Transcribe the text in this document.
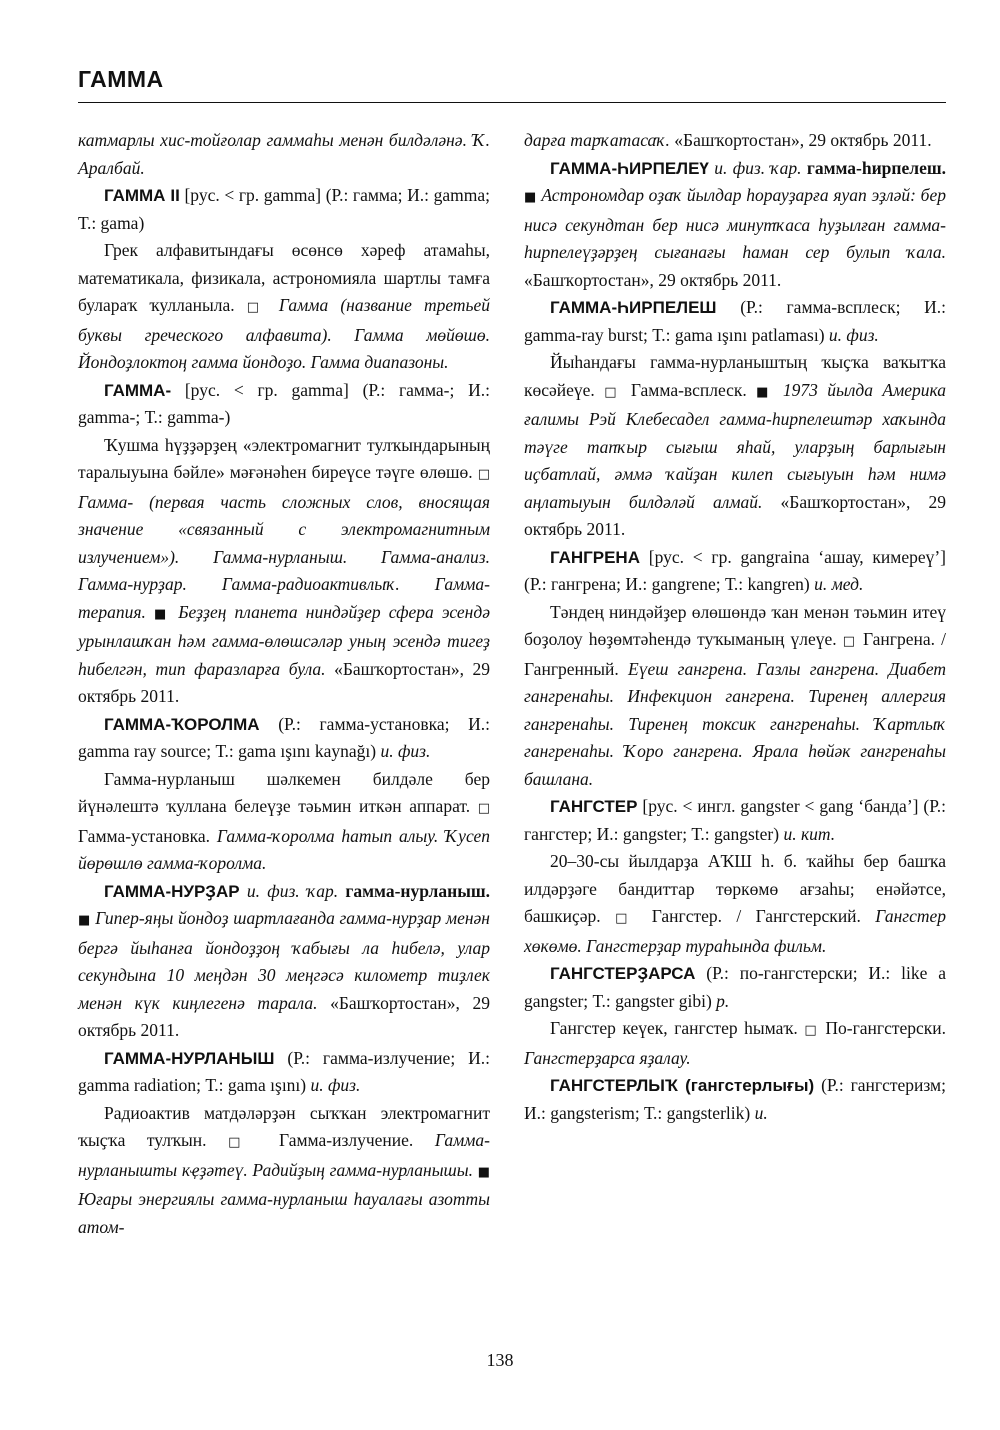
ГАММА

катмарлы хис-тойғолар гаммаһы менән билдәләнә. Ҡ. Аралбай.

ГАММА II [рус. < гр. gamma] (Р.: гамма; И.: gamma; Т.: gama)

Грек алфавитындағы өсөнсө хәреф атамаһы, математикала, физикала, астрономияла шартлы тамға булараҡ ҡулланыла. □ Гамма (название третьей буквы греческого алфавита). Гамма мөйөшө. Йондоҙлоктоң гамма йондоҙо. Гамма диапазоны.

ГАММА- [рус. < гр. gamma] (Р.: гамма-; И.: gamma-; Т.: gamma-)

Ҡушма һүҙҙәрҙең «электромагнит тулҡындарының таралыуына бәйле» мәғәнәһен биреүсе тәүге өлөшө. □ Гамма- (первая часть сложных слов, вносящая значение «связанный с электромагнитным излучением»). Гамма-нурланыш. Гамма-анализ. Гамма-нурҙар. Гамма-радиоактивлыҡ. Гамма-терапия. ■ Беҙҙең планета ниндәйҙер сфера эсендә урынлашҡан һәм гамма-өлөшсәләр уның эсендә тигеҙ һибелгән, тип фаразларға була. «Башҡортостан», 29 октябрь 2011.

ГАММА-ҠОРОЛМА (Р.: гамма-установка; И.: gamma ray source; Т.: gama ışını kaynağı) и. физ.

Гамма-нурланыш шәлкемен билдәле бер йүнәлештә ҡуллана белеүҙе тәьмин иткән аппарат. □ Гамма-установка. Гамма-ҡоролма һатып алыу. Ҡусеп йөрөшлө гамма-ҡоролма.

ГАММА-НУРҘАР и. физ. ҡар. гамма-нурланыш. ■ Гипер-яңы йондоҙ шартлағанда гамма-нурҙар менән бергә йыһанға йондоҙҙоң ҡабығы ла һибелә, улар секундына 10 меңдән 30 меңгәсә километр тиҙлек менән күк киңлегенә тарала. «Башҡортостан», 29 октябрь 2011.

ГАММА-НУРЛАНЫШ (Р.: гамма-излучение; И.: gamma radiation; Т.: gama ışını) и. физ.

Радиоактив матдәләрҙән сыҡҡан электромагнит ҡыҫҡа тулҡын. □ Гамма-излучение. Гамма-нурланышты кҿҙәтеү. Радийҙың гамма-нурланышы. ■ Юғары энергиялы гамма-нурланыш һауалағы азотты атом-

дарға тарҡатасаҡ. «Башҡортостан», 29 октябрь 2011.

ГАММА-ҺИРПЕЛЕҮ и. физ. ҡар. гамма-һирпелеш. ■ Астрономдар оҙаҡ йылдар һорауҙарға яуап эҙләй: бер нисә секундтан бер нисә минутҡаса һуҙылған гамма-һирпелеүҙәрҙең сығанағы һаман сер булып ҡала. «Башҡортостан», 29 октябрь 2011.

ГАММА-ҺИРПЕЛЕШ (Р.: гамма-всплеск; И.: gamma-ray burst; Т.: gama ışını patlaması) и. физ.

Йыһандағы гамма-нурланыштың ҡыҫҡа ваҡытҡа көсәйеүе. □ Гамма-всплеск. ■ 1973 йылда Америка ғалимы Рэй Клебесадел гамма-һирпелештәр хаҡында тәүге тапҡыр сығыш яһай, уларҙың барлығын иҫбатлай, әммә ҡайҙан килеп сығыуын һәм нимә аңлатыуын билдәләй алмай. «Башҡортостан», 29 октябрь 2011.

ГАНГРЕНА [рус. < гр. gangraina ‘ашау, кимереү’] (Р.: гангрена; И.: gangrene; Т.: kangren) и. мед.

Тәндең ниндәйҙер өлөшөндә ҡан менән тәьмин итеү боҙолоу һөҙөмтәһендә туҡыманың үлеүе. □ Гангрена. / Гангренный. Еүеш гангрена. Газлы гангрена. Диабет гангренаһы. Инфекцион гангрена. Тиренең аллергия гангренаһы. Тиренең токсик гангренаһы. Ҡартлыҡ гангренаһы. Ҡоро гангрена. Ярала һөйәк гангренаһы башлана.

ГАНГСТЕР [рус. < ингл. gangster < gang ‘банда’] (Р.: гангстер; И.: gangster; Т.: gangster) и. кит.

20–30-сы йылдарҙа АҠШ һ. б. ҡайһы бер башҡа илдәрҙәге бандиттар төркөмө ағзаһы; енәйәтсе, башкиҫәр. □ Гангстер. / Гангстерский. Гангстер хөкөмө. Гангстерҙар тураһында фильм.

ГАНГСТЕРҘАРСА (Р.: по-гангстерски; И.: like a gangster; Т.: gangster gibi) р.

Гангстер кеүек, гангстер һымаҡ. □ По-гангстерски. Гангстерҙарса яҙалау.

ГАНГСТЕРЛЫҠ (гангстерлығы) (Р.: гангстеризм; И.: gangsterism; Т.: gangsterlik) и.

138
